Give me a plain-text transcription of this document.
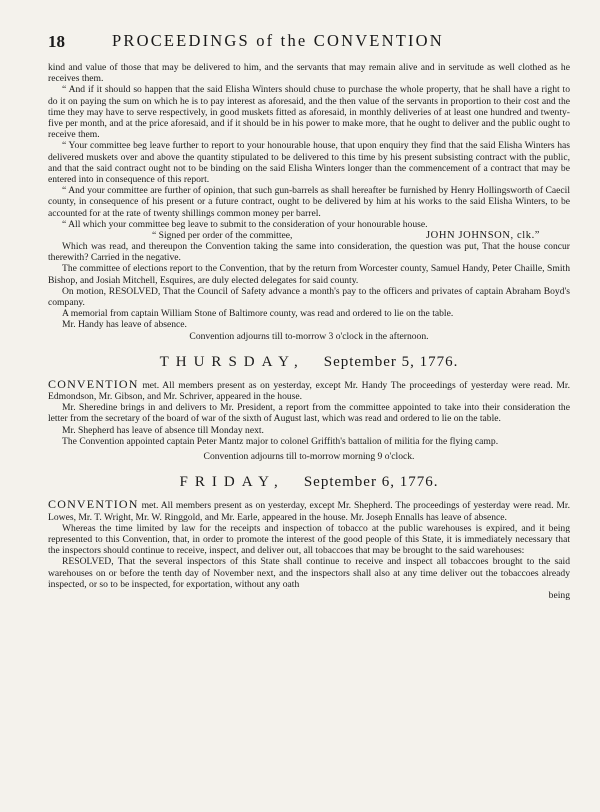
18	PROCEEDINGS of the CONVENTION

kind and value of those that may be delivered to him, and the servants that may remain alive and in servitude as well clothed as he receives them.

“ And if it should so happen that the said Elisha Winters should chuse to purchase the whole property, that he shall have a right to do it on paying the sum on which he is to pay interest as aforesaid, and the then value of the servants in proportion to their cost and the time they may have to serve respectively, in good muskets fitted as aforesaid, in monthly deliveries of at least one hundred and twenty-five per month, and at the price aforesaid, and if it should be in his power to make more, that he ought to deliver and the public ought to receive them.

“ Your committee beg leave further to report to your honourable house, that upon enquiry they find that the said Elisha Winters has delivered muskets over and above the quantity stipulated to be delivered to this time by his present subsisting contract with the public, and that the said contract ought not to be binding on the said Elisha Winters longer than the commencement of a contract that may be entered into in consequence of this report.

“ And your committee are further of opinion, that such gun-barrels as shall hereafter be furnished by Henry Hollingsworth of Caecil county, in consequence of his present or a future contract, ought to be delivered by him at his works to the said Elisha Winters, to be accounted for at the rate of twenty shillings common money per barrel.

“ All which your committee beg leave to submit to the consideration of your honourable house.

“ Signed per order of the committee,	JOHN JOHNSON, clk.”

Which was read, and thereupon the Convention taking the same into consideration, the question was put, That the house concur therewith? Carried in the negative.

The committee of elections report to the Convention, that by the return from Worcester county, Samuel Handy, Peter Chaille, Smith Bishop, and Josiah Mitchell, Esquires, are duly elected delegates for said county.

On motion, RESOLVED, That the Council of Safety advance a month's pay to the officers and privates of captain Abraham Boyd's company.

A memorial from captain William Stone of Baltimore county, was read and ordered to lie on the table.

Mr. Handy has leave of absence.

Convention adjourns till to-morrow 3 o'clock in the afternoon.
THURSDAY, September 5, 1776.

CONVENTION met. All members present as on yesterday, except Mr. Handy The proceedings of yesterday were read. Mr. Edmondson, Mr. Gibson, and Mr. Schriver, appeared in the house.

Mr. Sheredine brings in and delivers to Mr. President, a report from the committee appointed to take into their consideration the letter from the secretary of the board of war of the sixth of August last, which was read and ordered to lie on the table.

Mr. Shepherd has leave of absence till Monday next.

The Convention appointed captain Peter Mantz major to colonel Griffith's battalion of militia for the flying camp.

Convention adjourns till to-morrow morning 9 o'clock.
FRIDAY, September 6, 1776.

CONVENTION met. All members present as on yesterday, except Mr. Shepherd. The proceedings of yesterday were read. Mr. Lowes, Mr. T. Wright, Mr. W. Ringgold, and Mr. Earle, appeared in the house. Mr. Joseph Ennalls has leave of absence.

Whereas the time limited by law for the receipts and inspection of tobacco at the public warehouses is expired, and it being represented to this Convention, that, in order to promote the interest of the good people of this State, it is immediately necessary that the inspectors should continue to receive, inspect, and deliver out, all tobaccoes that may be brought to the said warehouses:

RESOLVED, That the several inspectors of this State shall continue to receive and inspect all tobaccoes brought to the said warehouses on or before the tenth day of November next, and the inspectors shall also at any time deliver out the tobaccoes already inspected, or so to be inspected, for exportation, without any oath

being
